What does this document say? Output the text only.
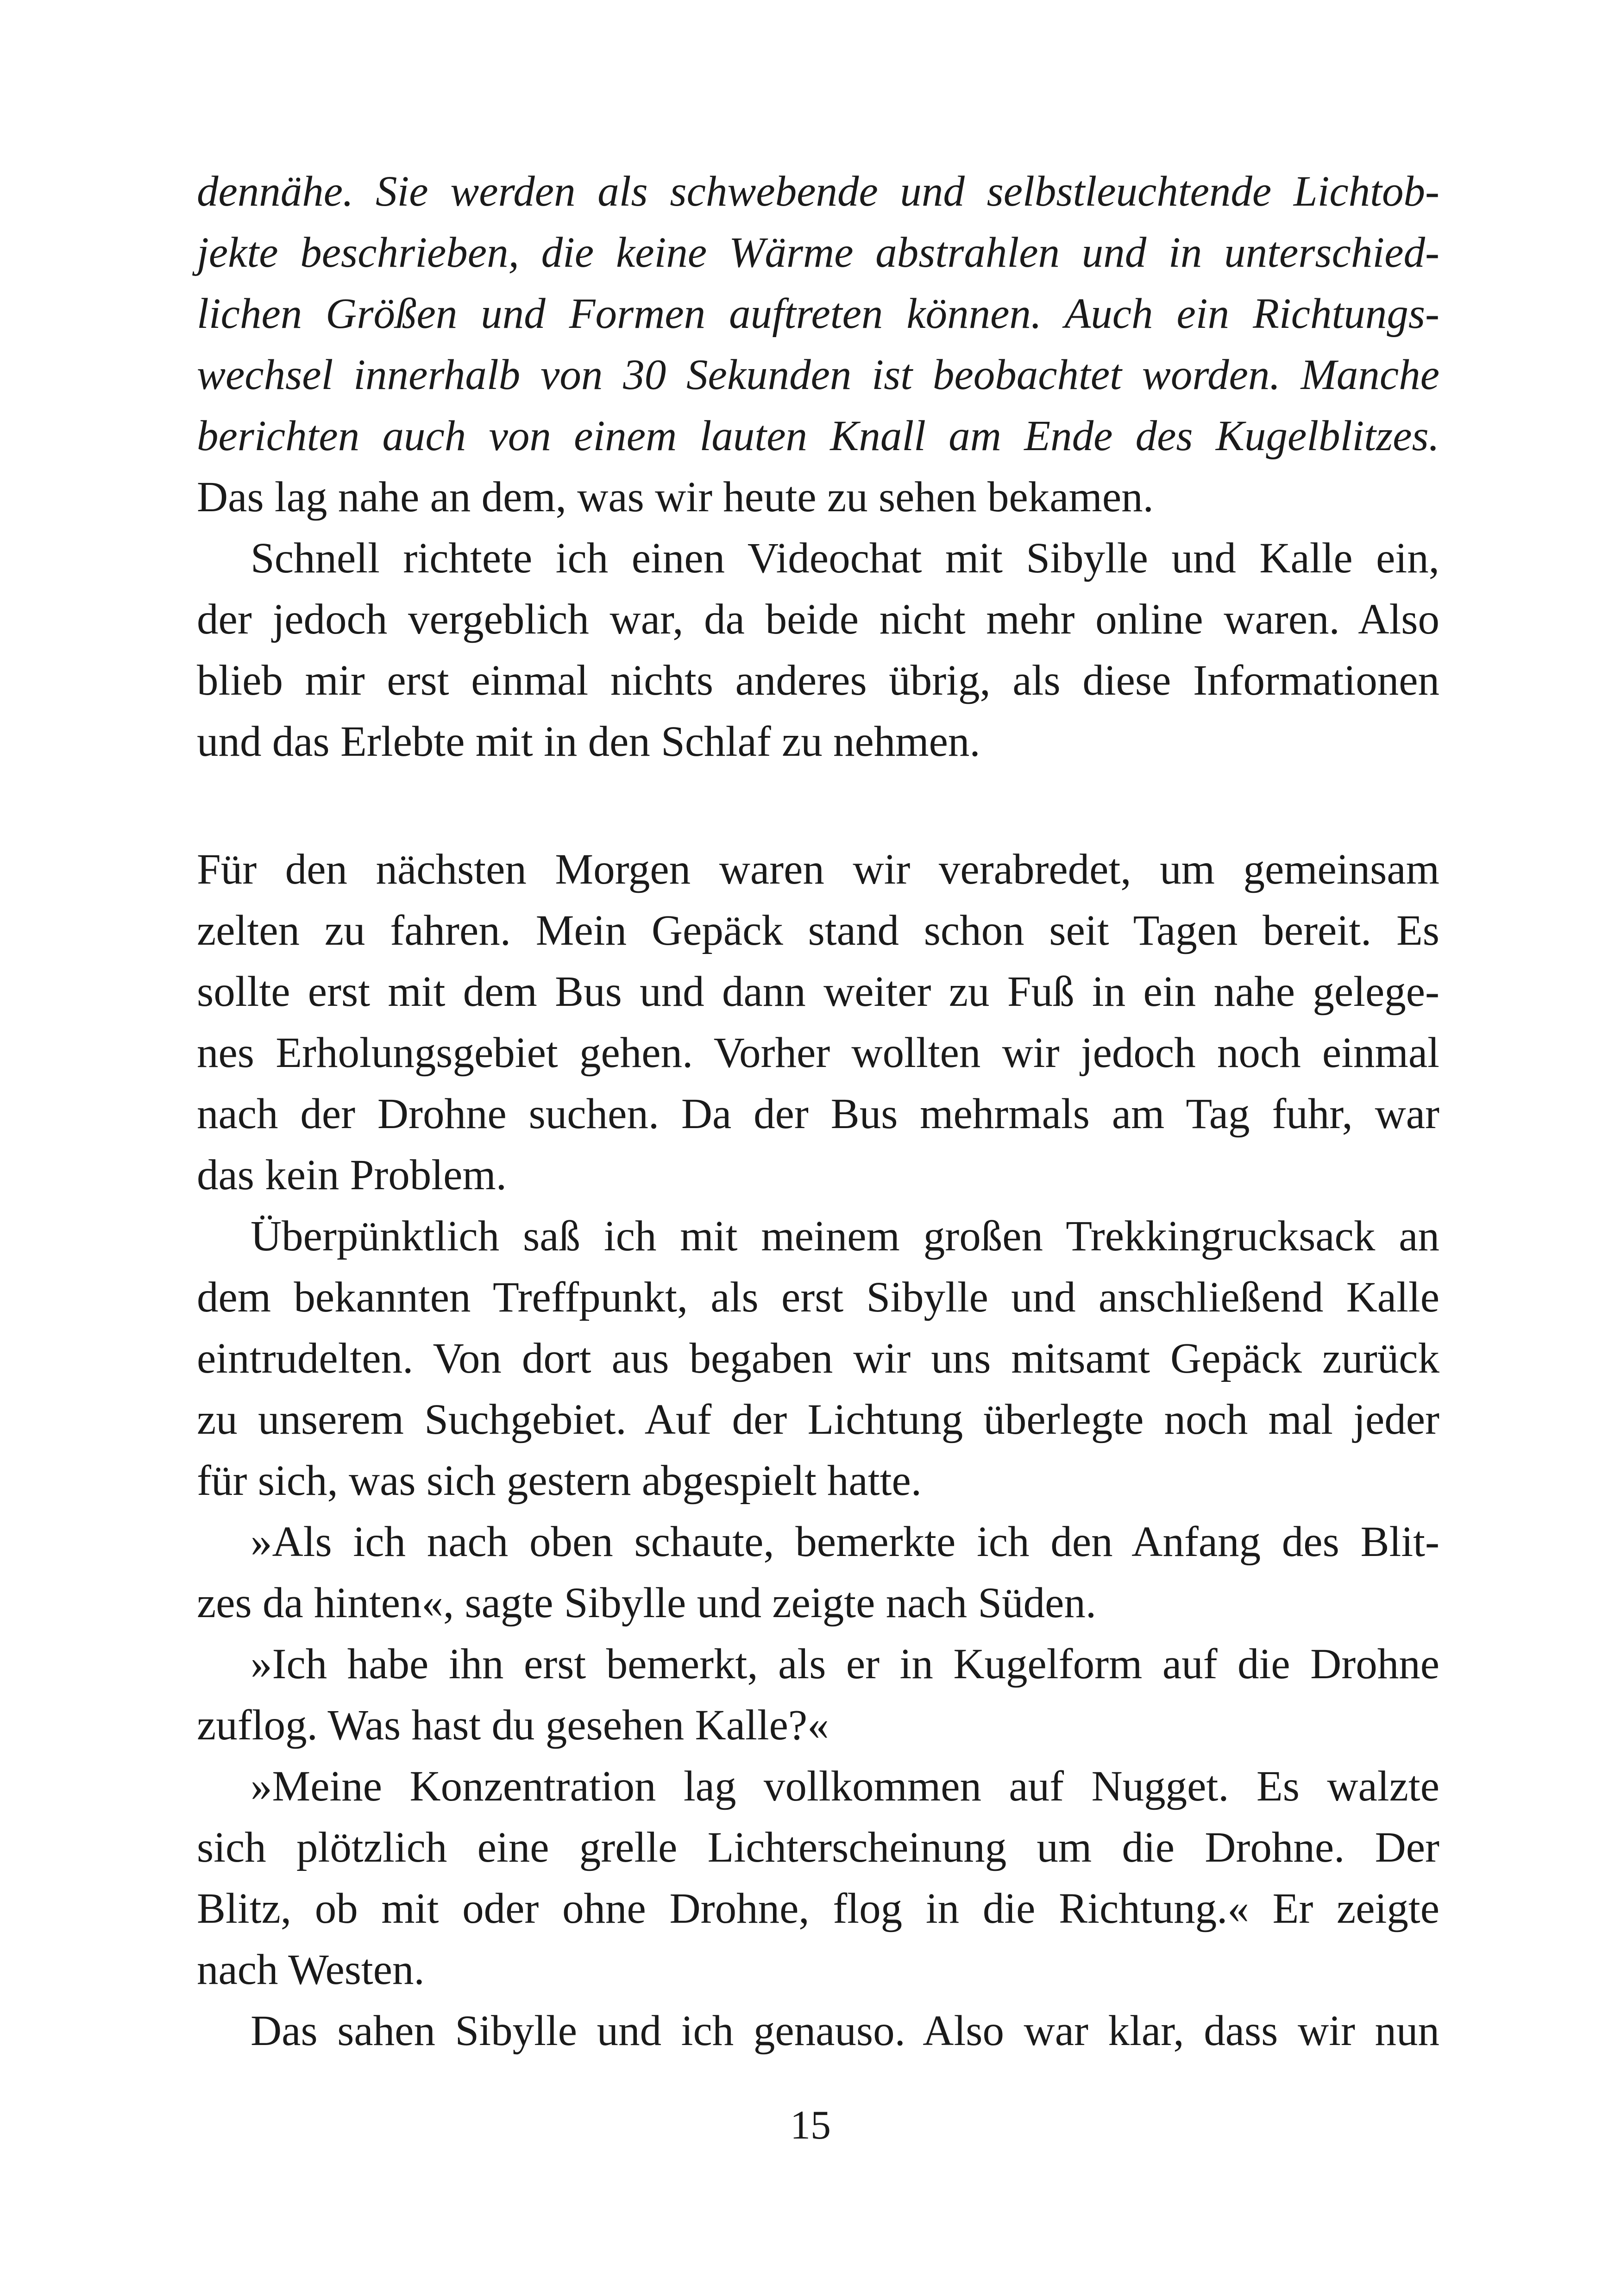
dennähe. Sie werden als schwebende und selbstleuchtende Lichtob-
jekte beschrieben, die keine Wärme abstrahlen und in unterschied-
lichen Größen und Formen auftreten können. Auch ein Richtungs-
wechsel innerhalb von 30 Sekunden ist beobachtet worden. Manche
berichten auch von einem lauten Knall am Ende des Kugelblitzes.
Das lag nahe an dem, was wir heute zu sehen bekamen.
Schnell richtete ich einen Videochat mit Sibylle und Kalle ein,
der jedoch vergeblich war, da beide nicht mehr online waren. Also
blieb mir erst einmal nichts anderes übrig, als diese Informationen
und das Erlebte mit in den Schlaf zu nehmen.
Für den nächsten Morgen waren wir verabredet, um gemeinsam
zelten zu fahren. Mein Gepäck stand schon seit Tagen bereit. Es
sollte erst mit dem Bus und dann weiter zu Fuß in ein nahe gelege-
nes Erholungsgebiet gehen. Vorher wollten wir jedoch noch einmal
nach der Drohne suchen. Da der Bus mehrmals am Tag fuhr, war
das kein Problem.
Überpünktlich saß ich mit meinem großen Trekkingrucksack an
dem bekannten Treffpunkt, als erst Sibylle und anschließend Kalle
eintrudelten. Von dort aus begaben wir uns mitsamt Gepäck zurück
zu unserem Suchgebiet. Auf der Lichtung überlegte noch mal jeder
für sich, was sich gestern abgespielt hatte.
»Als ich nach oben schaute, bemerkte ich den Anfang des Blit-
zes da hinten«, sagte Sibylle und zeigte nach Süden.
»Ich habe ihn erst bemerkt, als er in Kugelform auf die Drohne
zuflog. Was hast du gesehen Kalle?«
»Meine Konzentration lag vollkommen auf Nugget. Es walzte
sich plötzlich eine grelle Lichterscheinung um die Drohne. Der
Blitz, ob mit oder ohne Drohne, flog in die Richtung.« Er zeigte
nach Westen.
Das sahen Sibylle und ich genauso. Also war klar, dass wir nun
15
